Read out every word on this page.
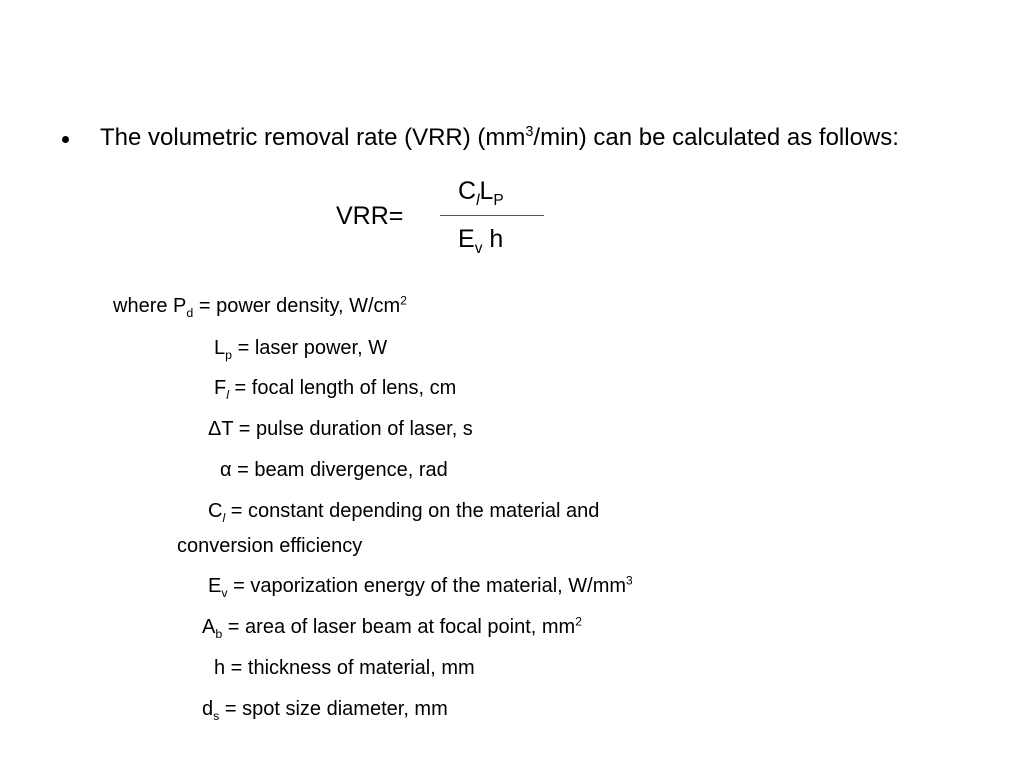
The volumetric removal rate (VRR) $(mm^3/\min)$ can be calculated as follows:
VRR=
$C_lL_P$
$E_v$ h
where $P_d$ = power density, $W/cm^2$
$L_p$ = laser power, W
$F_l$ = focal length of lens, cm
ΔT = pulse duration of laser, s
α = beam divergence, rad
$C_l$ = constant depending on the material and
conversion efficiency
$E_v$ = vaporization energy of the material, $W/mm^3$
$A_b$ = area of laser beam at focal point, $mm^2$
h = thickness of material, mm
$d_s$ = spot size diameter, mm
